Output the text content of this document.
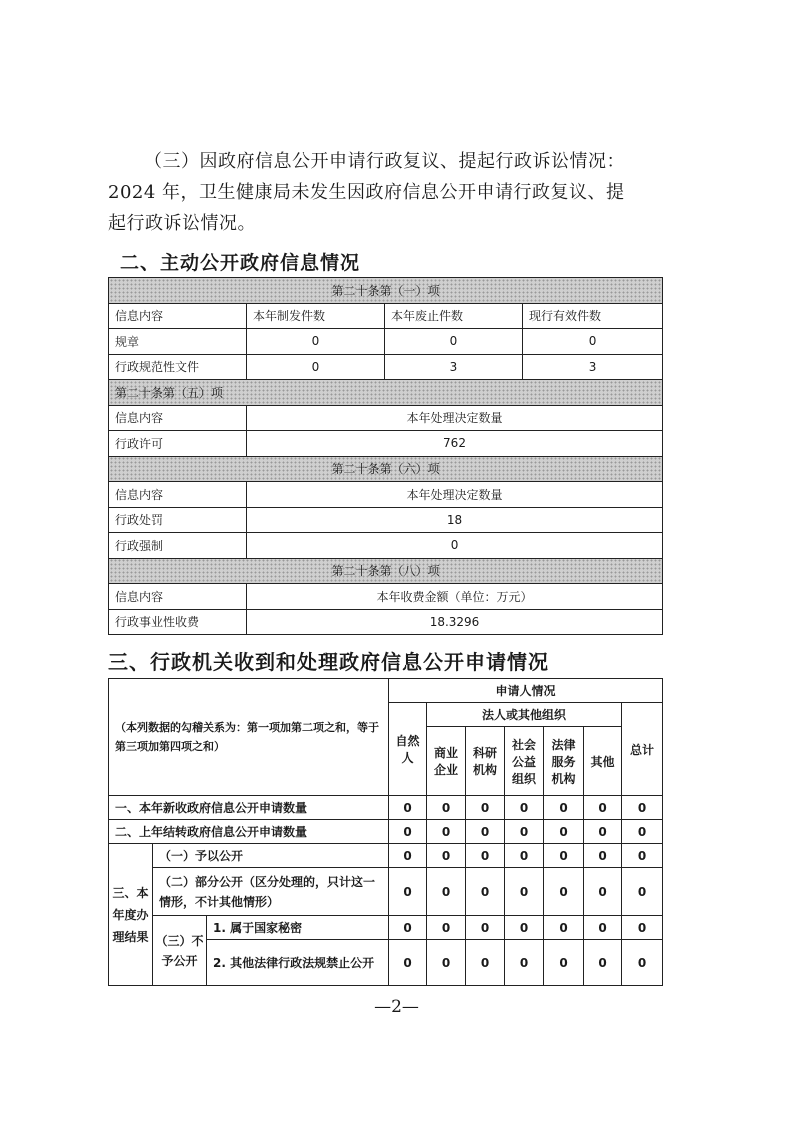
（三）因政府信息公开申请行政复议、提起行政诉讼情况：
2024 年，卫生健康局未发生因政府信息公开申请行政复议、提
起行政诉讼情况。
二、主动公开政府信息情况
第二十条第（一）项			
信息内容	本年制发件数	本年废止件数	现行有效件数
规章	0	0	0
行政规范性文件	0	3	3
第二十条第（五）项			
信息内容	本年处理决定数量		
行政许可	762		
第二十条第（六）项			
信息内容	本年处理决定数量		
行政处罚	18		
行政强制	0		
第二十条第（八）项			
信息内容	本年收费金额（单位：万元）		
行政事业性收费	18.3296		
三、行政机关收到和处理政府信息公开申请情况
（本列数据的勾稽关系为：第一项加第二项之和，等于第三项加第四项之和）			申请人情况						
			自然人	法人或其他组织					总计
				商业企业	科研机构	社会公益组织	法律服务机构	其他	
一、本年新收政府信息公开申请数量			0	0	0	0	0	0	0
二、上年结转政府信息公开申请数量			0	0	0	0	0	0	0
三、本年度办理结果	（一）予以公开		0	0	0	0	0	0	0
	（二）部分公开（区分处理的，只计这一情形，不计其他情形）		0	0	0	0	0	0	0
	（三）不予公开	1. 属于国家秘密	0	0	0	0	0	0	0
		2. 其他法律行政法规禁止公开	0	0	0	0	0	0	0
—2—
